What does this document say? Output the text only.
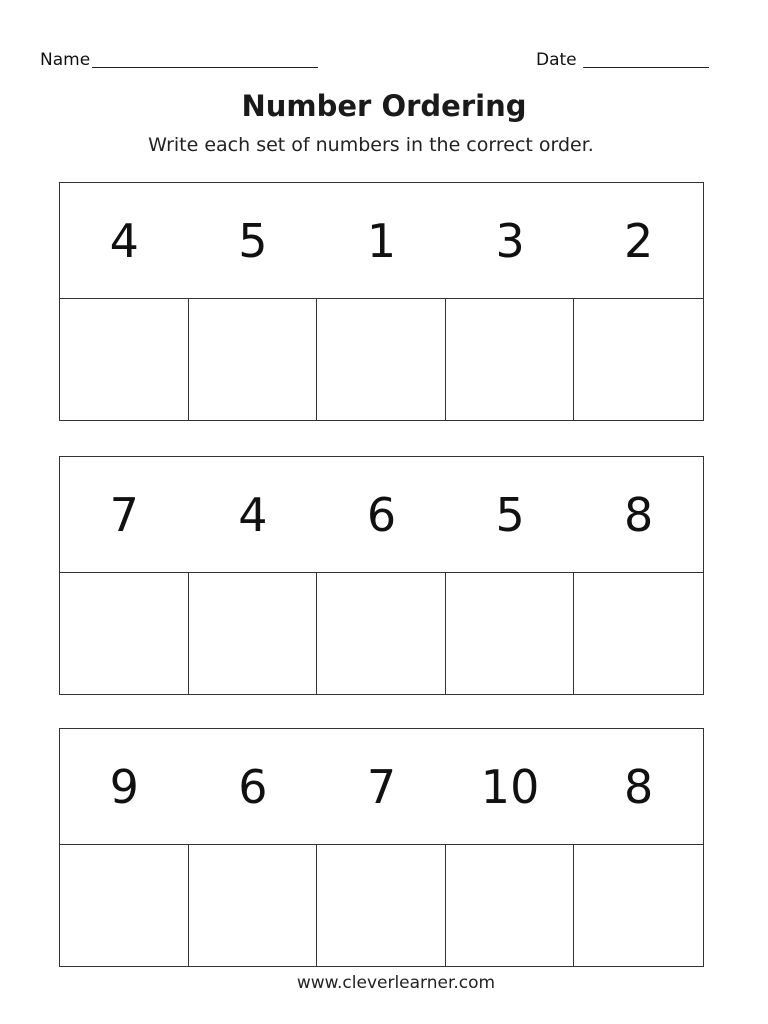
Name	Date
Number Ordering
Write each set of numbers in the correct order.
4	5	1	3	2
7	4	6	5	8
9	6	7	10	8
www.cleverlearner.com
